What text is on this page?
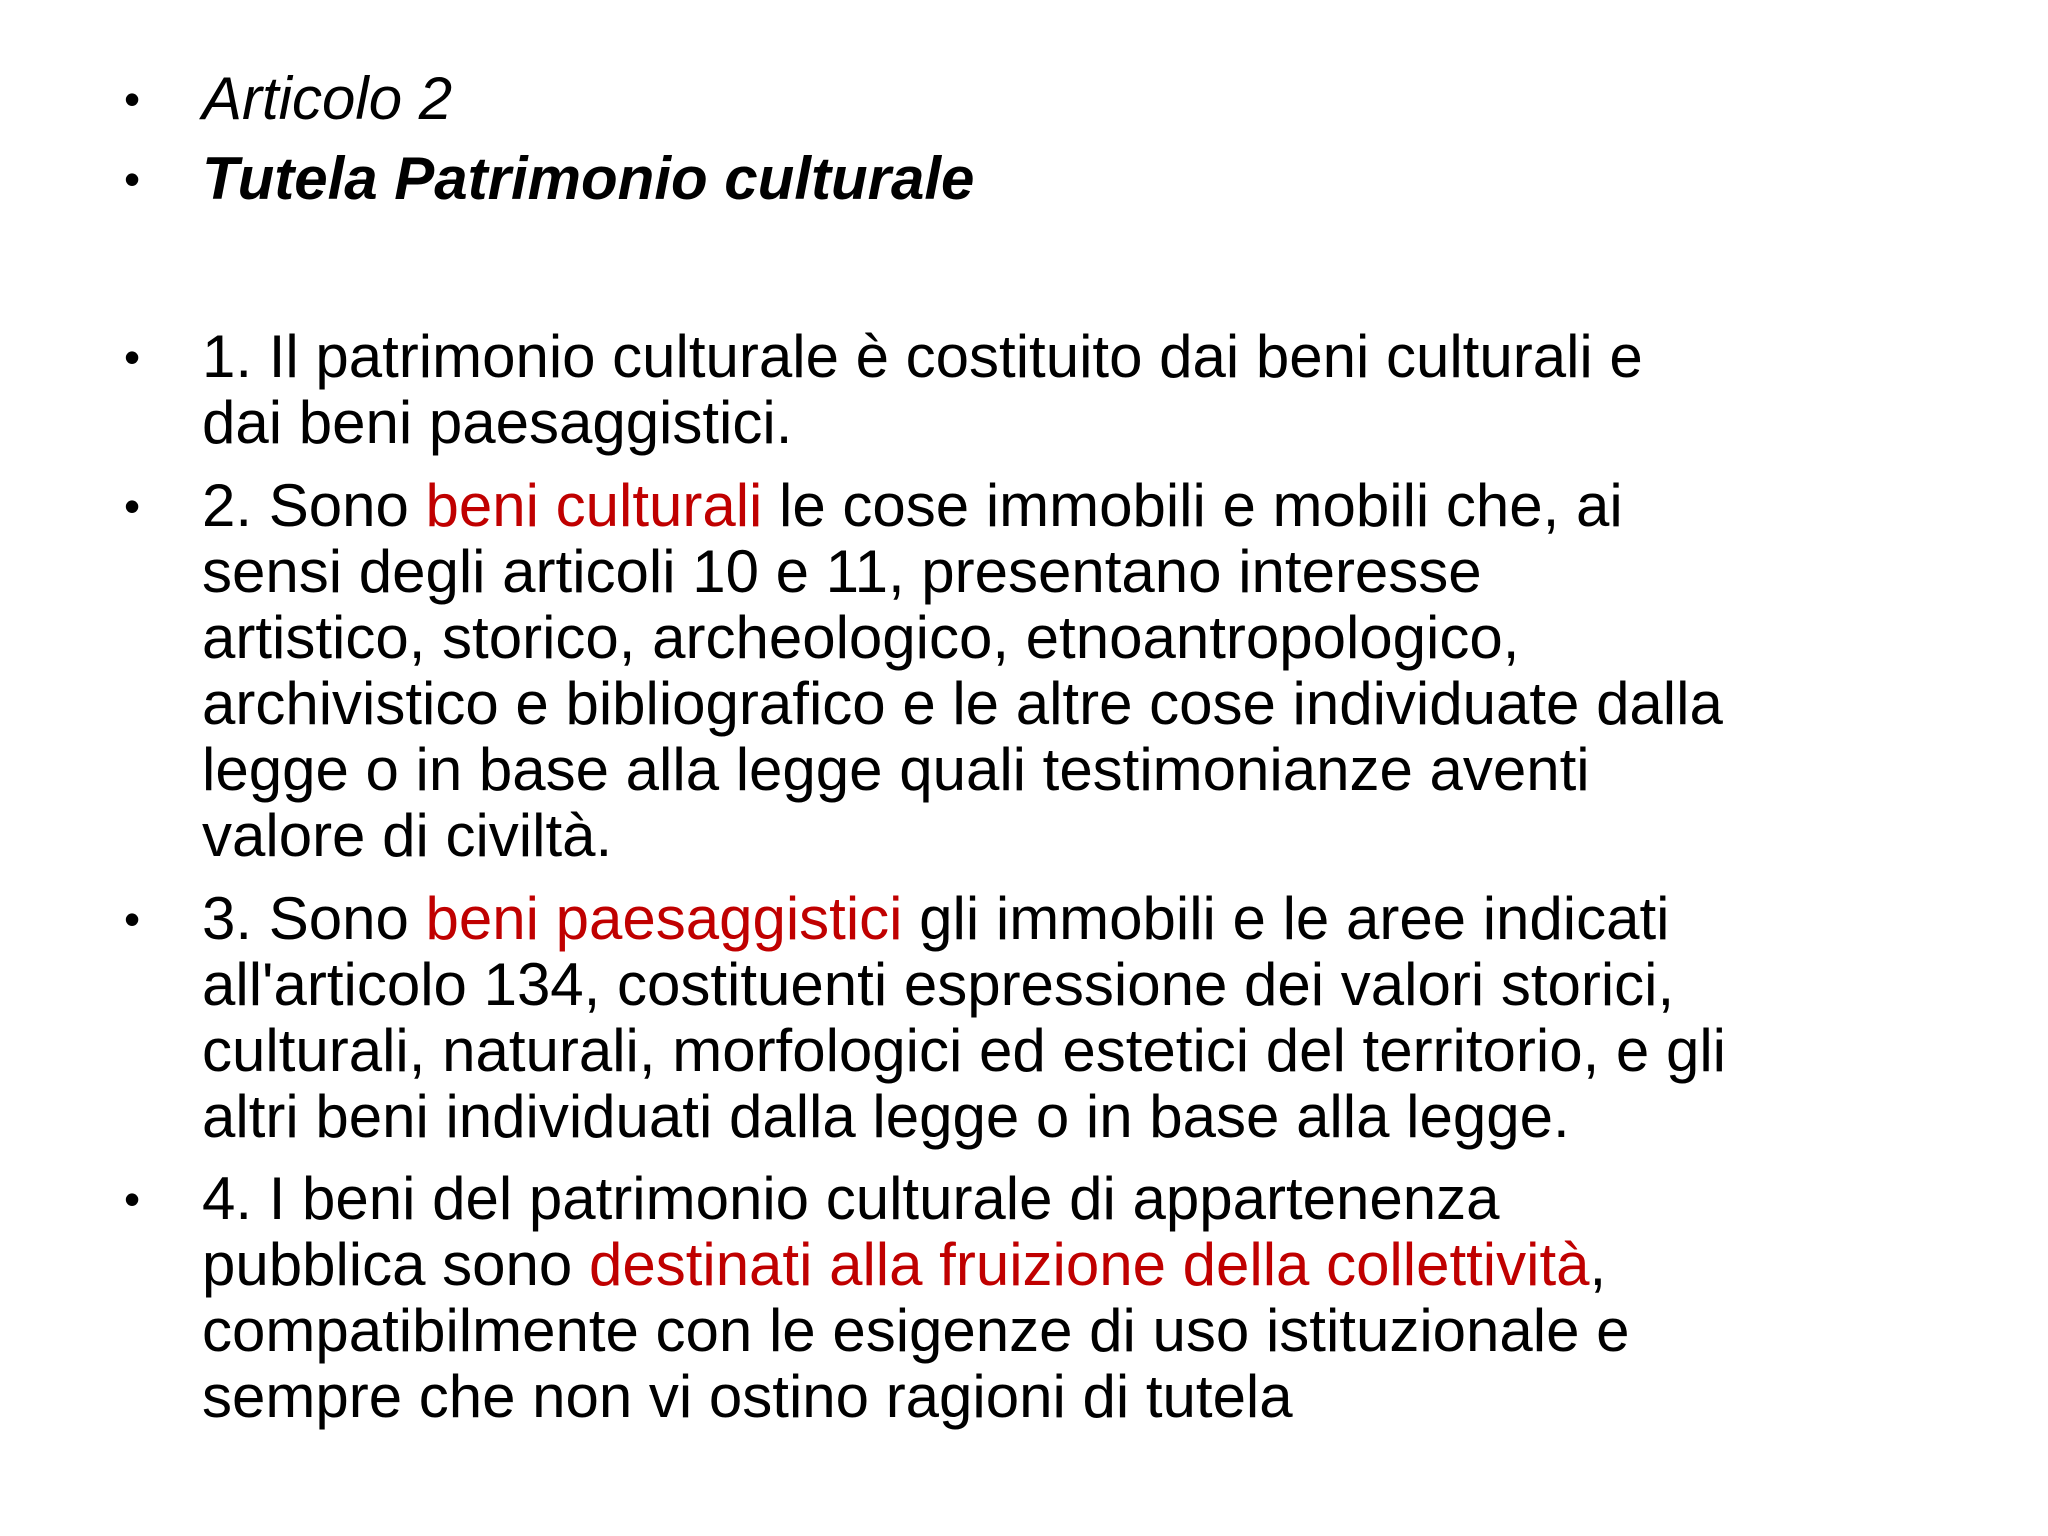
•	Articolo 2
•	Tutela Patrimonio culturale
•	1. Il patrimonio culturale è costituito dai beni culturali e
dai beni paesaggistici.
•	2. Sono beni culturali le cose immobili e mobili che, ai
sensi degli articoli 10 e 11, presentano interesse
artistico, storico, archeologico, etnoantropologico,
archivistico e bibliografico e le altre cose individuate dalla
legge o in base alla legge quali testimonianze aventi
valore di civiltà.
•	3. Sono beni paesaggistici gli immobili e le aree indicati
all'articolo 134, costituenti espressione dei valori storici,
culturali, naturali, morfologici ed estetici del territorio, e gli
altri beni individuati dalla legge o in base alla legge.
•	4. I beni del patrimonio culturale di appartenenza
pubblica sono destinati alla fruizione della collettività,
compatibilmente con le esigenze di uso istituzionale e
sempre che non vi ostino ragioni di tutela
